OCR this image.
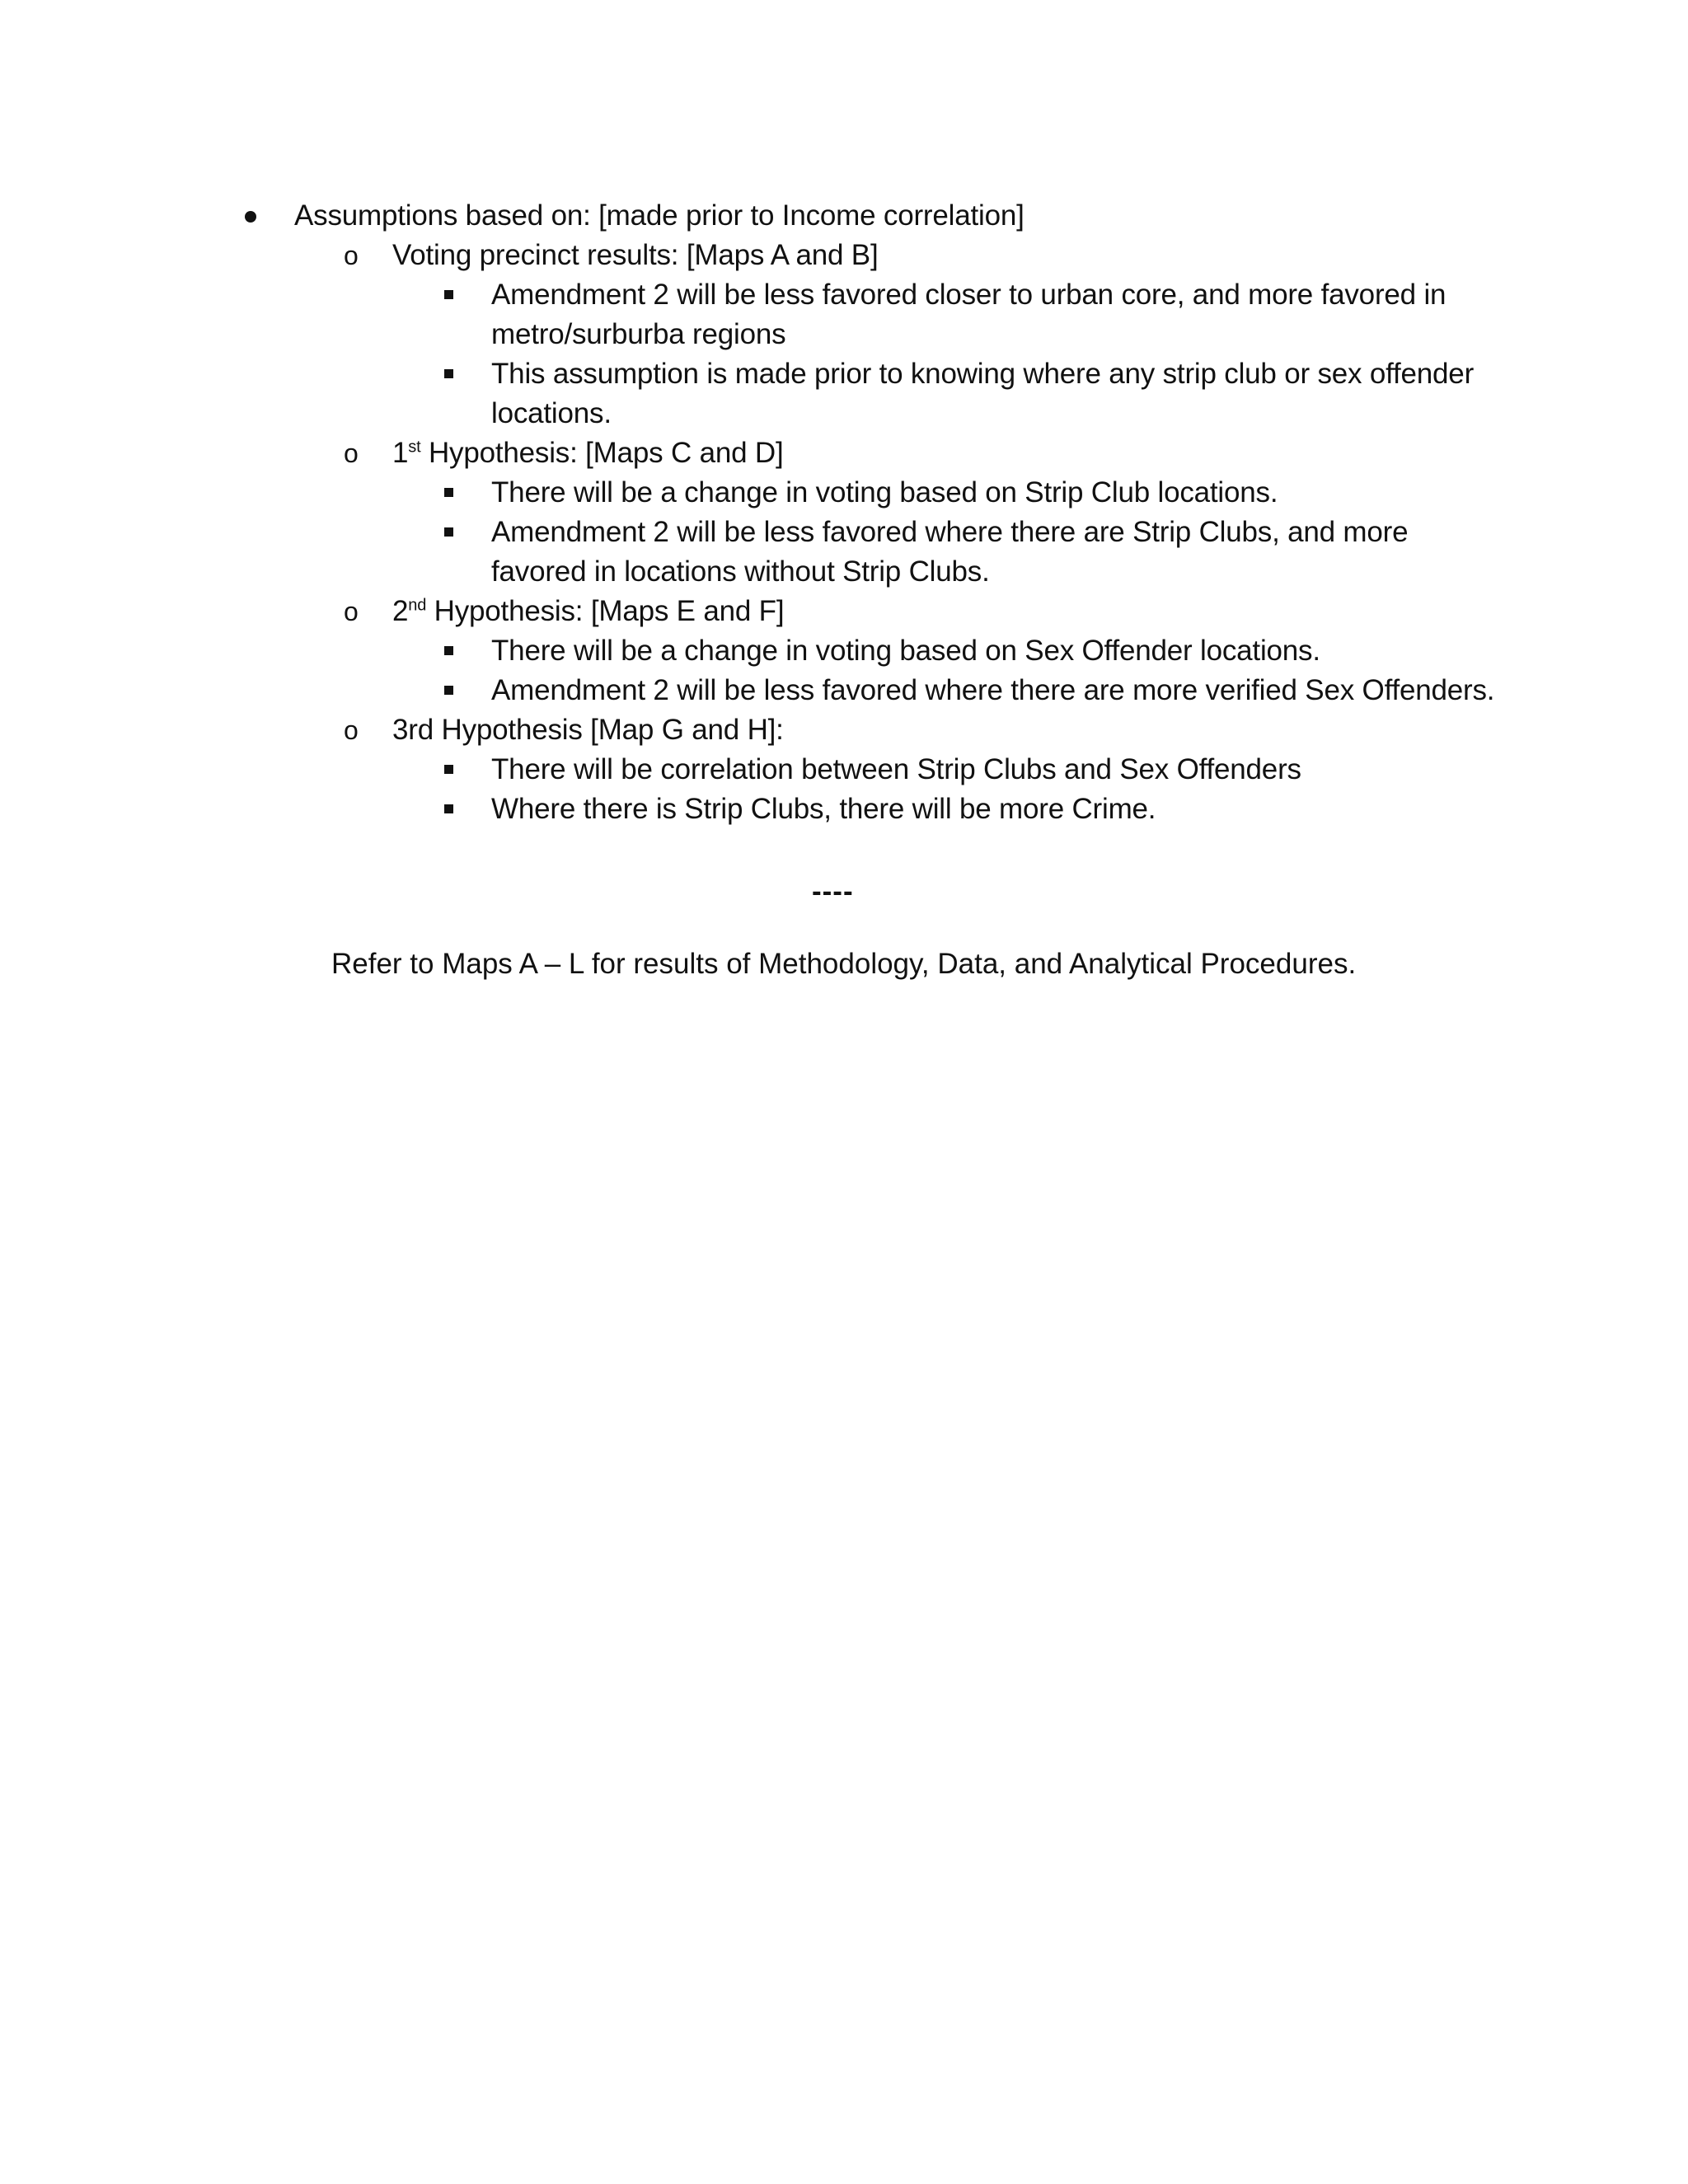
Assumptions based on: [made prior to Income correlation]
o Voting precinct results: [Maps A and B]
Amendment 2 will be less favored closer to urban core, and more favored in
metro/surburba regions
This assumption is made prior to knowing where any strip club or sex offender
locations.
o 1st Hypothesis: [Maps C and D]
There will be a change in voting based on Strip Club locations.
Amendment 2 will be less favored where there are Strip Clubs, and more
favored in locations without Strip Clubs.
o 2nd Hypothesis: [Maps E and F]
There will be a change in voting based on Sex Offender locations.
Amendment 2 will be less favored where there are more verified Sex Offenders.
o 3rd Hypothesis [Map G and H]:
There will be correlation between Strip Clubs and Sex Offenders
Where there is Strip Clubs, there will be more Crime.
----
Refer to Maps A – L for results of Methodology, Data, and Analytical Procedures.
